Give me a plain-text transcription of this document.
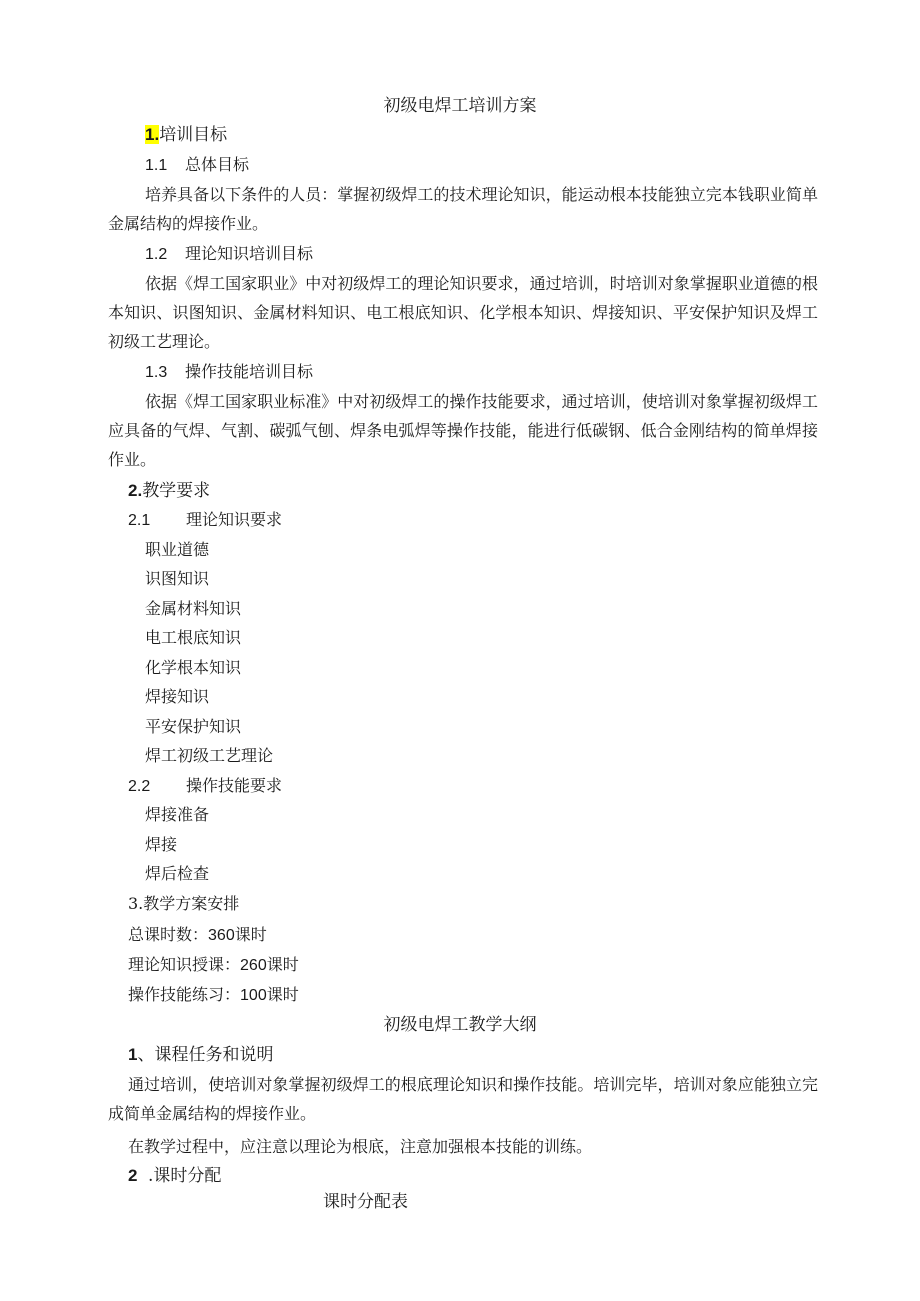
初级电焊工培训方案
1.培训目标
1.1 总体目标
培养具备以下条件的人员：掌握初级焊工的技术理论知识，能运动根本技能独立完本钱职业简单金属结构的焊接作业。
1.2 理论知识培训目标
依据《焊工国家职业》中对初级焊工的理论知识要求，通过培训，时培训对象掌握职业道德的根本知识、识图知识、金属材料知识、电工根底知识、化学根本知识、焊接知识、平安保护知识及焊工初级工艺理论。
1.3 操作技能培训目标
依据《焊工国家职业标准》中对初级焊工的操作技能要求，通过培训，使培训对象掌握初级焊工应具备的气焊、气割、碳弧气刨、焊条电弧焊等操作技能，能进行低碳钢、低合金刚结构的简单焊接作业。
2.教学要求
2.1 理论知识要求
职业道德
识图知识
金属材料知识
电工根底知识
化学根本知识
焊接知识
平安保护知识
焊工初级工艺理论
2.2 操作技能要求
焊接准备
焊接
焊后检查
3.教学方案安排
总课时数：360课时
理论知识授课：260课时
操作技能练习：100课时
初级电焊工教学大纲
1、课程任务和说明
通过培训，使培训对象掌握初级焊工的根底理论知识和操作技能。培训完毕，培训对象应能独立完成简单金属结构的焊接作业。
在教学过程中，应注意以理论为根底，注意加强根本技能的训练。
2 .课时分配
课时分配表
